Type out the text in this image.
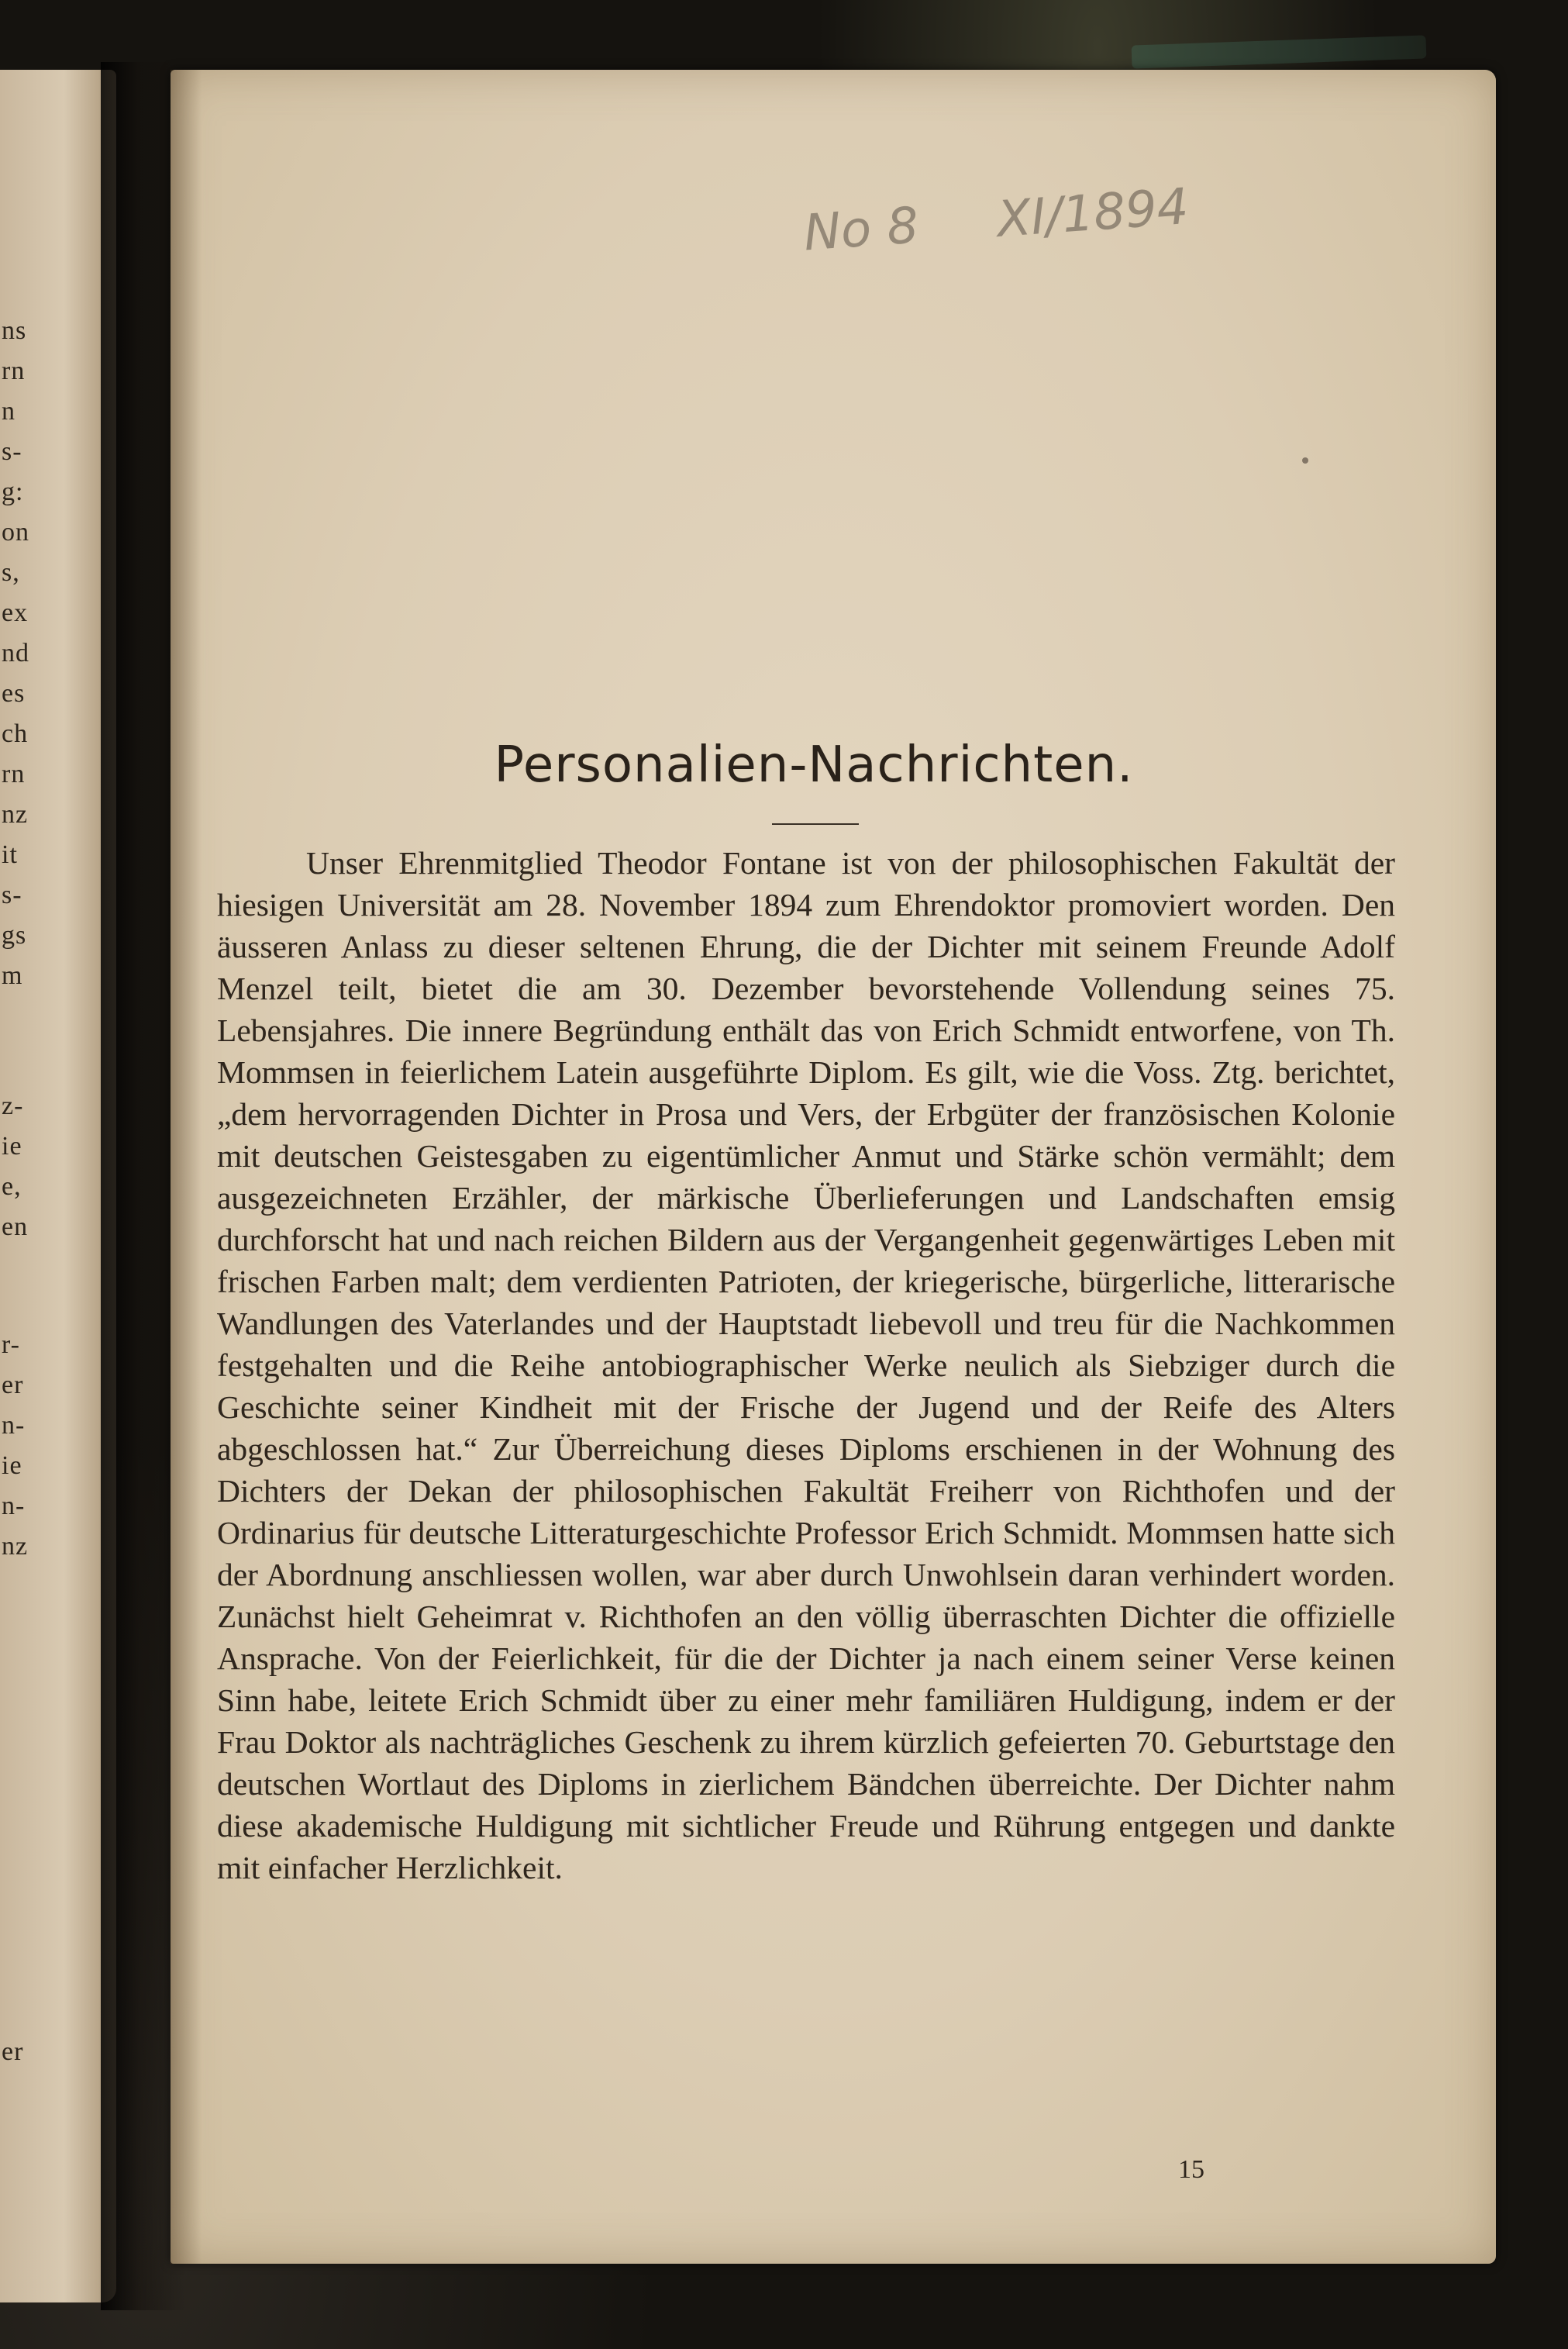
ns
rn
n
s-
g:
on
s,
ex
nd
es
ch
rn
nz
it
s-
gs
m
z-
ie
e,
en
r-
er
n-
ie
n-
nz
er
No 8 XI/1894
Personalien-Nachrichten.

Unser Ehrenmitglied Theodor Fontane ist von der philosophischen Fakultät der hiesigen Universität am 28. November 1894 zum Ehrendoktor promoviert worden. Den äusseren Anlass zu dieser seltenen Ehrung, die der Dichter mit seinem Freunde Adolf Menzel teilt, bietet die am 30. Dezember bevorstehende Vollendung seines 75. Lebensjahres. Die innere Begründung enthält das von Erich Schmidt entworfene, von Th. Mommsen in feierlichem Latein ausgeführte Diplom. Es gilt, wie die Voss. Ztg. berichtet, „dem hervorragenden Dichter in Prosa und Vers, der Erbgüter der französischen Kolonie mit deutschen Geistesgaben zu eigentümlicher Anmut und Stärke schön vermählt; dem ausgezeichneten Erzähler, der märkische Überlieferungen und Landschaften emsig durchforscht hat und nach reichen Bildern aus der Vergangenheit gegenwärtiges Leben mit frischen Farben malt; dem verdienten Patrioten, der kriegerische, bürgerliche, litterarische Wandlungen des Vaterlandes und der Hauptstadt liebevoll und treu für die Nachkommen festgehalten und die Reihe antobiographischer Werke neulich als Siebziger durch die Geschichte seiner Kindheit mit der Frische der Jugend und der Reife des Alters abgeschlossen hat.“ Zur Überreichung dieses Diploms erschienen in der Wohnung des Dichters der Dekan der philosophischen Fakultät Freiherr von Richthofen und der Ordinarius für deutsche Litteraturgeschichte Professor Erich Schmidt. Mommsen hatte sich der Abordnung anschliessen wollen, war aber durch Unwohlsein daran verhindert worden. Zunächst hielt Geheimrat v. Richthofen an den völlig überraschten Dichter die offizielle Ansprache. Von der Feierlichkeit, für die der Dichter ja nach einem seiner Verse keinen Sinn habe, leitete Erich Schmidt über zu einer mehr familiären Huldigung, indem er der Frau Doktor als nachträgliches Geschenk zu ihrem kürzlich gefeierten 70. Geburtstage den deutschen Wortlaut des Diploms in zierlichem Bändchen überreichte. Der Dichter nahm diese akademische Huldigung mit sichtlicher Freude und Rührung entgegen und dankte mit einfacher Herzlichkeit.

15
